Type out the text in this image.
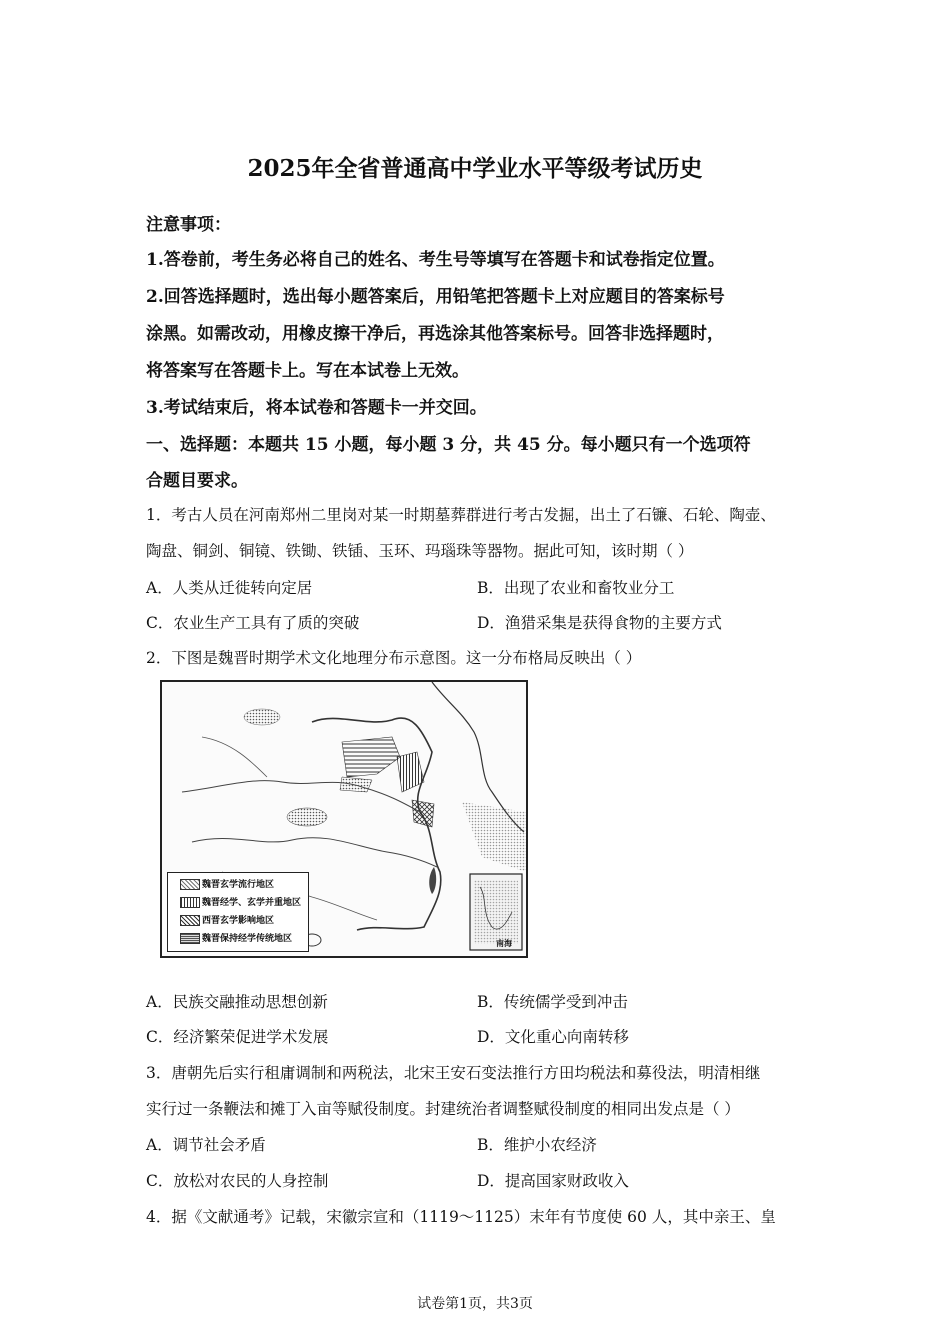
2025年全省普通高中学业水平等级考试历史
注意事项：
1.答卷前，考生务必将自己的姓名、考生号等填写在答题卡和试卷指定位置。
2.回答选择题时，选出每小题答案后，用铅笔把答题卡上对应题目的答案标号
涂黑。如需改动，用橡皮擦干净后，再选涂其他答案标号。回答非选择题时，
将答案写在答题卡上。写在本试卷上无效。
3.考试结束后，将本试卷和答题卡一并交回。
一、选择题：本题共 15 小题，每小题 3 分，共 45 分。每小题只有一个选项符
合题目要求。
1．考古人员在河南郑州二里岗对某一时期墓葬群进行考古发掘，出土了石镰、石轮、陶壶、
陶盘、铜剑、铜镜、铁锄、铁锸、玉环、玛瑙珠等器物。据此可知，该时期（ ）
A．人类从迁徙转向定居	B．出现了农业和畜牧业分工
C．农业生产工具有了质的突破	D．渔猎采集是获得食物的主要方式
2．下图是魏晋时期学术文化地理分布示意图。这一分布格局反映出（ ）
魏晋玄学流行地区
魏晋经学、玄学并重地区
西晋玄学影响地区
魏晋保持经学传统地区	南海
A．民族交融推动思想创新	B．传统儒学受到冲击
C．经济繁荣促进学术发展	D．文化重心向南转移
3．唐朝先后实行租庸调制和两税法，北宋王安石变法推行方田均税法和募役法，明清相继
实行过一条鞭法和摊丁入亩等赋役制度。封建统治者调整赋役制度的相同出发点是（ ）
A．调节社会矛盾	B．维护小农经济
C．放松对农民的人身控制	D．提高国家财政收入
4．据《文献通考》记载，宋徽宗宣和（1119～1125）末年有节度使 60 人，其中亲王、皇
试卷第1页，共3页
